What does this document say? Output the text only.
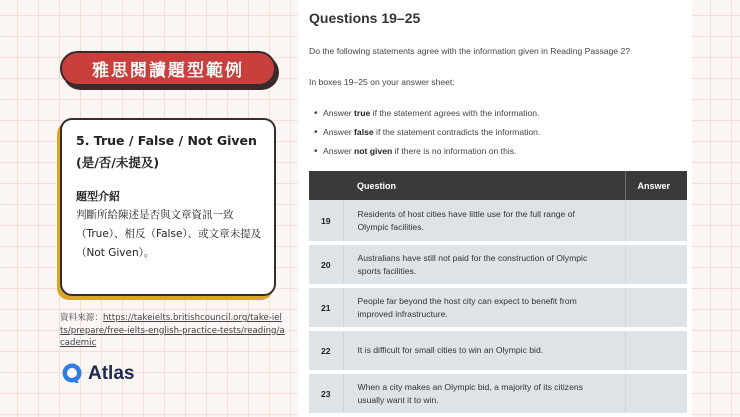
雅思閱讀題型範例
5. True / False / Not Given (是/否/未提及)
題型介紹
判斷所給陳述是否與文章資訊一致（True）、相反（False）、或文章未提及（Not Given）。
資料來源：https://takeielts.britishcouncil.org/take-ielts/prepare/free-ielts-english-practice-tests/reading/academic
Atlas
Questions 19–25
Do the following statements agree with the information given in Reading Passage 2?
In boxes 19–25 on your answer sheet:
• Answer true if the statement agrees with the information.
• Answer false if the statement contradicts the information.
• Answer not given if there is no information on this.
	Question	Answer
19	Residents of host cities have little use for the full range of Olympic facilities.	
20	Australians have still not paid for the construction of Olympic sports facilities.	
21	People far beyond the host city can expect to benefit from improved infrastructure.	
22	It is difficult for small cities to win an Olympic bid.	
23	When a city makes an Olympic bid, a majority of its citizens usually want it to win.	
